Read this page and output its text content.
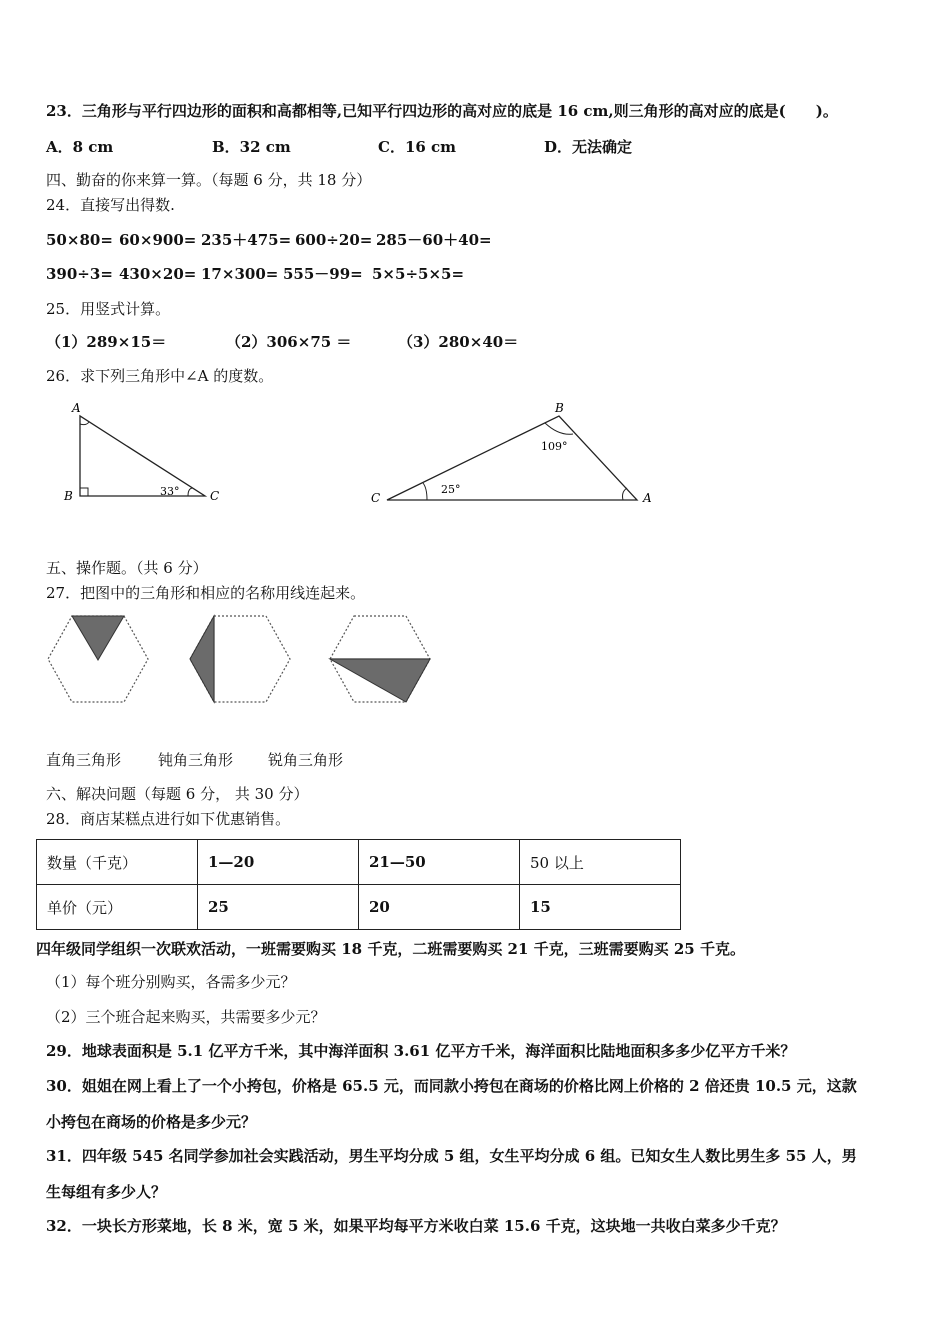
23．三角形与平行四边形的面积和高都相等,已知平行四边形的高对应的底是 16 cm,则三角形的高对应的底是(　　)。
A．8 cm	B．32 cm	C．16 cm	D．无法确定
四、勤奋的你来算一算。（每题 6 分，共 18 分）
24．直接写出得数.
50×80= 60×900= 235＋475= 600÷20= 285－60＋40=
390÷3= 430×20= 17×300= 555－99= 5×5÷5×5=
25．用竖式计算。
（1）289×15＝	（2）306×75 ＝	（3）280×40＝
26．求下列三角形中∠A 的度数。
A
B	C
33°
B
C	A
109°
25°
五、操作题。（共 6 分）
27．把图中的三角形和相应的名称用线连起来。
直角三角形 钝角三角形 锐角三角形
六、解决问题（每题 6 分， 共 30 分）
28．商店某糕点进行如下优惠销售。
数量（千克）	1—20	21—50	50 以上
单价（元）	25	20	15
四年级同学组织一次联欢活动，一班需要购买 18 千克，二班需要购买 21 千克，三班需要购买 25 千克。
（1）每个班分别购买，各需多少元？
（2）三个班合起来购买，共需要多少元？
29．地球表面积是 5.1 亿平方千米，其中海洋面积 3.61 亿平方千米，海洋面积比陆地面积多多少亿平方千米？
30．姐姐在网上看上了一个小挎包，价格是 65.5 元，而同款小挎包在商场的价格比网上价格的 2 倍还贵 10.5 元，这款
小挎包在商场的价格是多少元？
31．四年级 545 名同学参加社会实践活动，男生平均分成 5 组，女生平均分成 6 组。已知女生人数比男生多 55 人，男
生每组有多少人？
32．一块长方形菜地，长 8 米，宽 5 米，如果平均每平方米收白菜 15.6 千克，这块地一共收白菜多少千克？
